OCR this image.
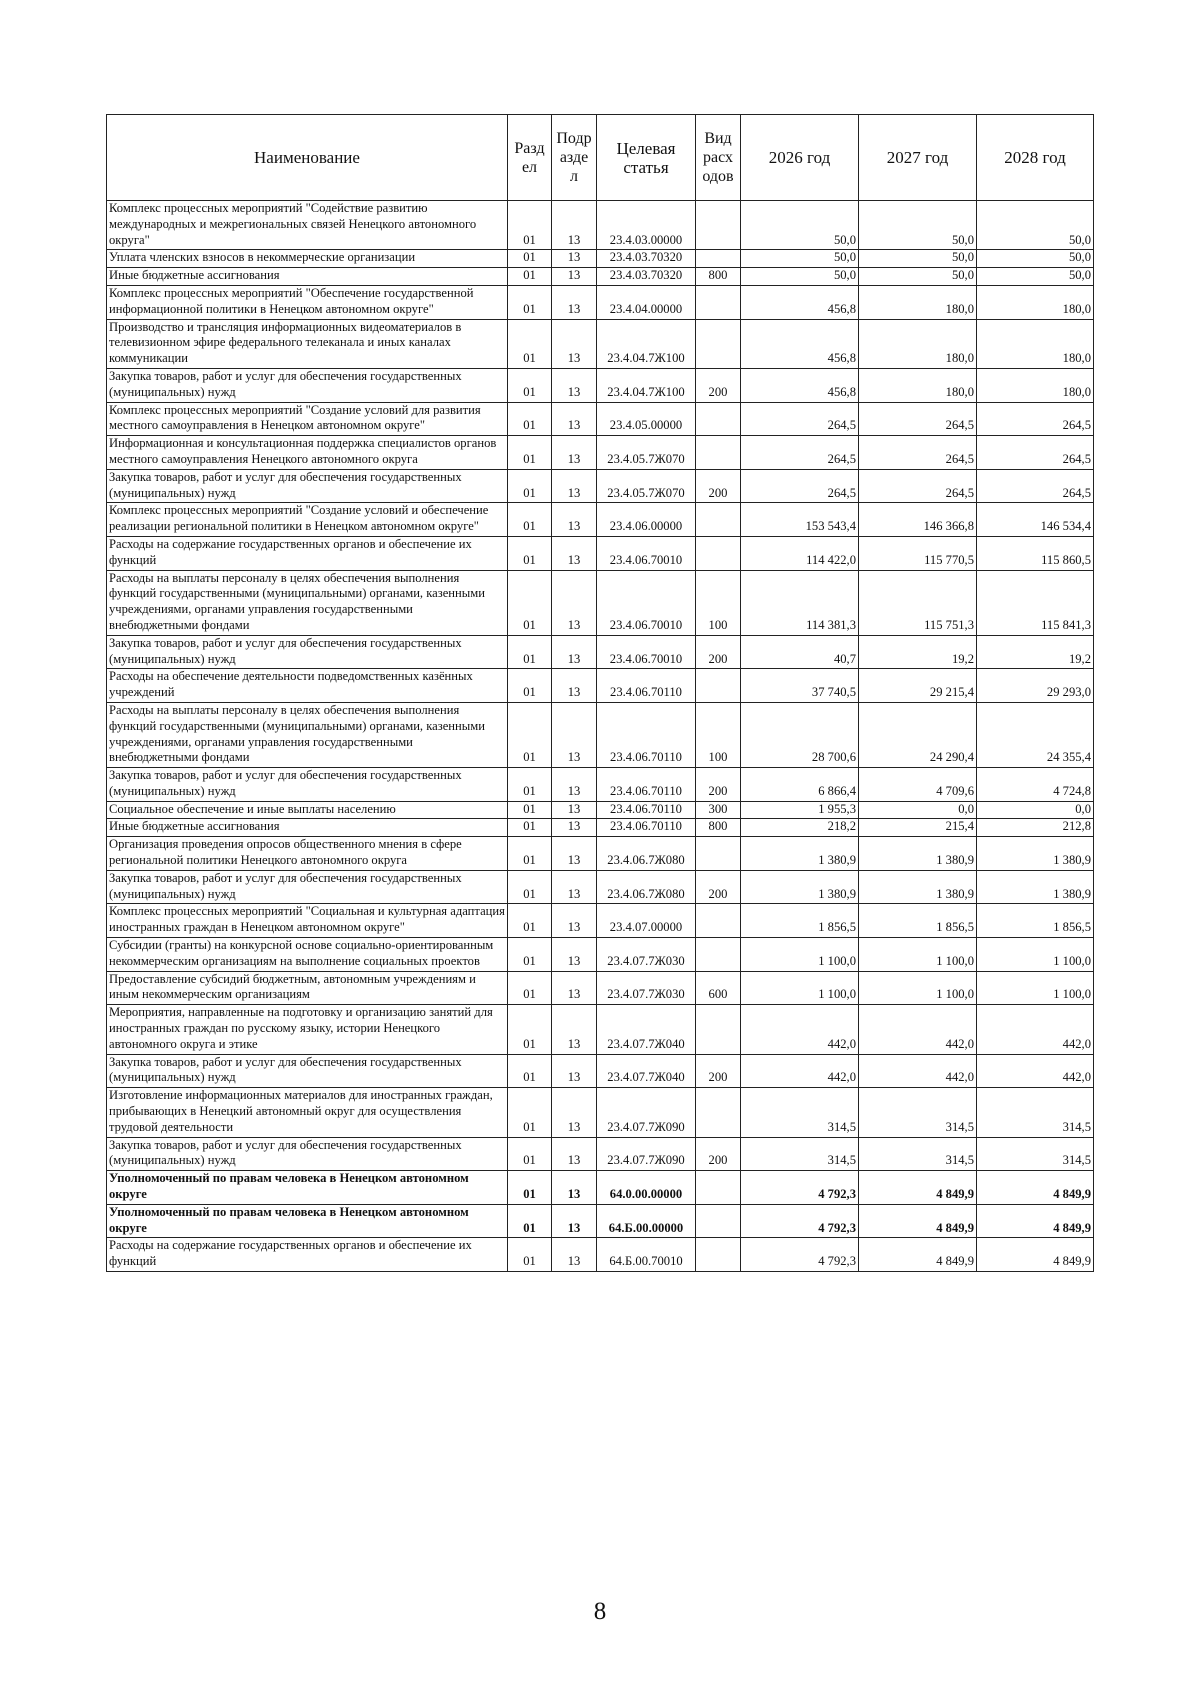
Наименование	Разд ел	Подр азде л	Целевая статья	Вид расх одов	2026 год	2027 год	2028 год
Комплекс процессных мероприятий "Содействие развитию международных и межрегиональных связей Ненецкого автономного округа"	01	13	23.4.03.00000		50,0	50,0	50,0
Уплата членских взносов в некоммерческие организации	01	13	23.4.03.70320		50,0	50,0	50,0
Иные бюджетные ассигнования	01	13	23.4.03.70320	800	50,0	50,0	50,0
Комплекс процессных мероприятий "Обеспечение государственной информационной политики в Ненецком автономном округе"	01	13	23.4.04.00000		456,8	180,0	180,0
Производство и трансляция информационных видеоматериалов в телевизионном эфире федерального телеканала и иных каналах коммуникации	01	13	23.4.04.7Ж100		456,8	180,0	180,0
Закупка товаров, работ и услуг для обеспечения государственных (муниципальных) нужд	01	13	23.4.04.7Ж100	200	456,8	180,0	180,0
Комплекс процессных мероприятий "Создание условий для развития местного самоуправления в Ненецком автономном округе"	01	13	23.4.05.00000		264,5	264,5	264,5
Информационная и консультационная поддержка специалистов органов местного самоуправления Ненецкого автономного округа	01	13	23.4.05.7Ж070		264,5	264,5	264,5
Закупка товаров, работ и услуг для обеспечения государственных (муниципальных) нужд	01	13	23.4.05.7Ж070	200	264,5	264,5	264,5
Комплекс процессных мероприятий "Создание условий и обеспечение реализации региональной политики в Ненецком автономном округе"	01	13	23.4.06.00000		153 543,4	146 366,8	146 534,4
Расходы на содержание государственных органов и обеспечение их функций	01	13	23.4.06.70010		114 422,0	115 770,5	115 860,5
Расходы на выплаты персоналу в целях обеспечения выполнения функций государственными (муниципальными) органами, казенными учреждениями, органами управления государственными внебюджетными фондами	01	13	23.4.06.70010	100	114 381,3	115 751,3	115 841,3
Закупка товаров, работ и услуг для обеспечения государственных (муниципальных) нужд	01	13	23.4.06.70010	200	40,7	19,2	19,2
Расходы на обеспечение деятельности подведомственных казённых учреждений	01	13	23.4.06.70110		37 740,5	29 215,4	29 293,0
Расходы на выплаты персоналу в целях обеспечения выполнения функций государственными (муниципальными) органами, казенными учреждениями, органами управления государственными внебюджетными фондами	01	13	23.4.06.70110	100	28 700,6	24 290,4	24 355,4
Закупка товаров, работ и услуг для обеспечения государственных (муниципальных) нужд	01	13	23.4.06.70110	200	6 866,4	4 709,6	4 724,8
Социальное обеспечение и иные выплаты населению	01	13	23.4.06.70110	300	1 955,3	0,0	0,0
Иные бюджетные ассигнования	01	13	23.4.06.70110	800	218,2	215,4	212,8
Организация проведения опросов общественного мнения в сфере региональной политики Ненецкого автономного округа	01	13	23.4.06.7Ж080		1 380,9	1 380,9	1 380,9
Закупка товаров, работ и услуг для обеспечения государственных (муниципальных) нужд	01	13	23.4.06.7Ж080	200	1 380,9	1 380,9	1 380,9
Комплекс процессных мероприятий "Социальная и культурная адаптация иностранных граждан в Ненецком автономном округе"	01	13	23.4.07.00000		1 856,5	1 856,5	1 856,5
Субсидии (гранты) на конкурсной основе социально-ориентированным некоммерческим организациям на выполнение социальных проектов	01	13	23.4.07.7Ж030		1 100,0	1 100,0	1 100,0
Предоставление субсидий бюджетным, автономным учреждениям и иным некоммерческим организациям	01	13	23.4.07.7Ж030	600	1 100,0	1 100,0	1 100,0
Мероприятия, направленные на подготовку и организацию занятий для иностранных граждан по русскому языку, истории Ненецкого автономного округа и этике	01	13	23.4.07.7Ж040		442,0	442,0	442,0
Закупка товаров, работ и услуг для обеспечения государственных (муниципальных) нужд	01	13	23.4.07.7Ж040	200	442,0	442,0	442,0
Изготовление информационных материалов для иностранных граждан, прибывающих в Ненецкий автономный округ для осуществления трудовой деятельности	01	13	23.4.07.7Ж090		314,5	314,5	314,5
Закупка товаров, работ и услуг для обеспечения государственных (муниципальных) нужд	01	13	23.4.07.7Ж090	200	314,5	314,5	314,5
Уполномоченный по правам человека в Ненецком автономном округе	01	13	64.0.00.00000		4 792,3	4 849,9	4 849,9
Уполномоченный по правам человека в Ненецком автономном округе	01	13	64.Б.00.00000		4 792,3	4 849,9	4 849,9
Расходы на содержание государственных органов и обеспечение их функций	01	13	64.Б.00.70010		4 792,3	4 849,9	4 849,9
8
